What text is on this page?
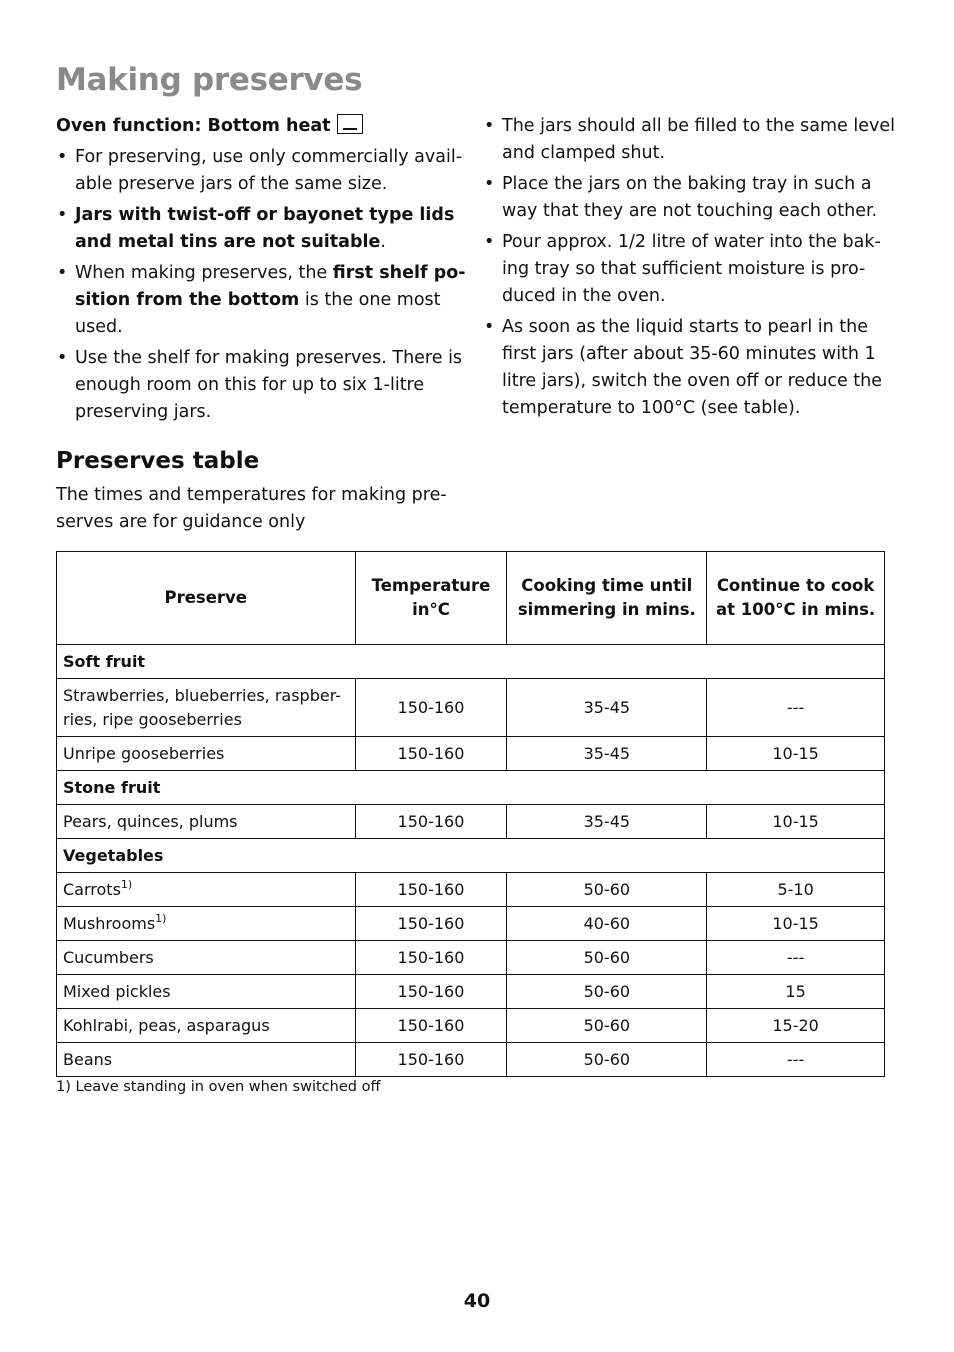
Making preserves
Oven function: Bottom heat
• For preserving, use only commercially avail-able preserve jars of the same size.
• Jars with twist-off or bayonet type lids and metal tins are not suitable.
• When making preserves, the first shelf po-sition from the bottom is the one most used.
• Use the shelf for making preserves. There is enough room on this for up to six 1-litre preserving jars.
• The jars should all be filled to the same level and clamped shut.
• Place the jars on the baking tray in such a way that they are not touching each other.
• Pour approx. 1/2 litre of water into the bak-ing tray so that sufficient moisture is pro-duced in the oven.
• As soon as the liquid starts to pearl in the first jars (after about 35-60 minutes with 1 litre jars), switch the oven off or reduce the temperature to 100°C (see table).
Preserves table

The times and temperatures for making pre-serves are for guidance only

Preserve	Temperature in°C	Cooking time until simmering in mins.	Continue to cook at 100°C in mins.
Soft fruit			
Strawberries, blueberries, raspber-ries, ripe gooseberries	150-160	35-45	---
Unripe gooseberries	150-160	35-45	10-15
Stone fruit			
Pears, quinces, plums	150-160	35-45	10-15
Vegetables			
Carrots$^{1)}$	150-160	50-60	5-10
Mushrooms$^{1)}$	150-160	40-60	10-15
Cucumbers	150-160	50-60	---
Mixed pickles	150-160	50-60	15
Kohlrabi, peas, asparagus	150-160	50-60	15-20
Beans	150-160	50-60	---
1) Leave standing in oven when switched off
40
